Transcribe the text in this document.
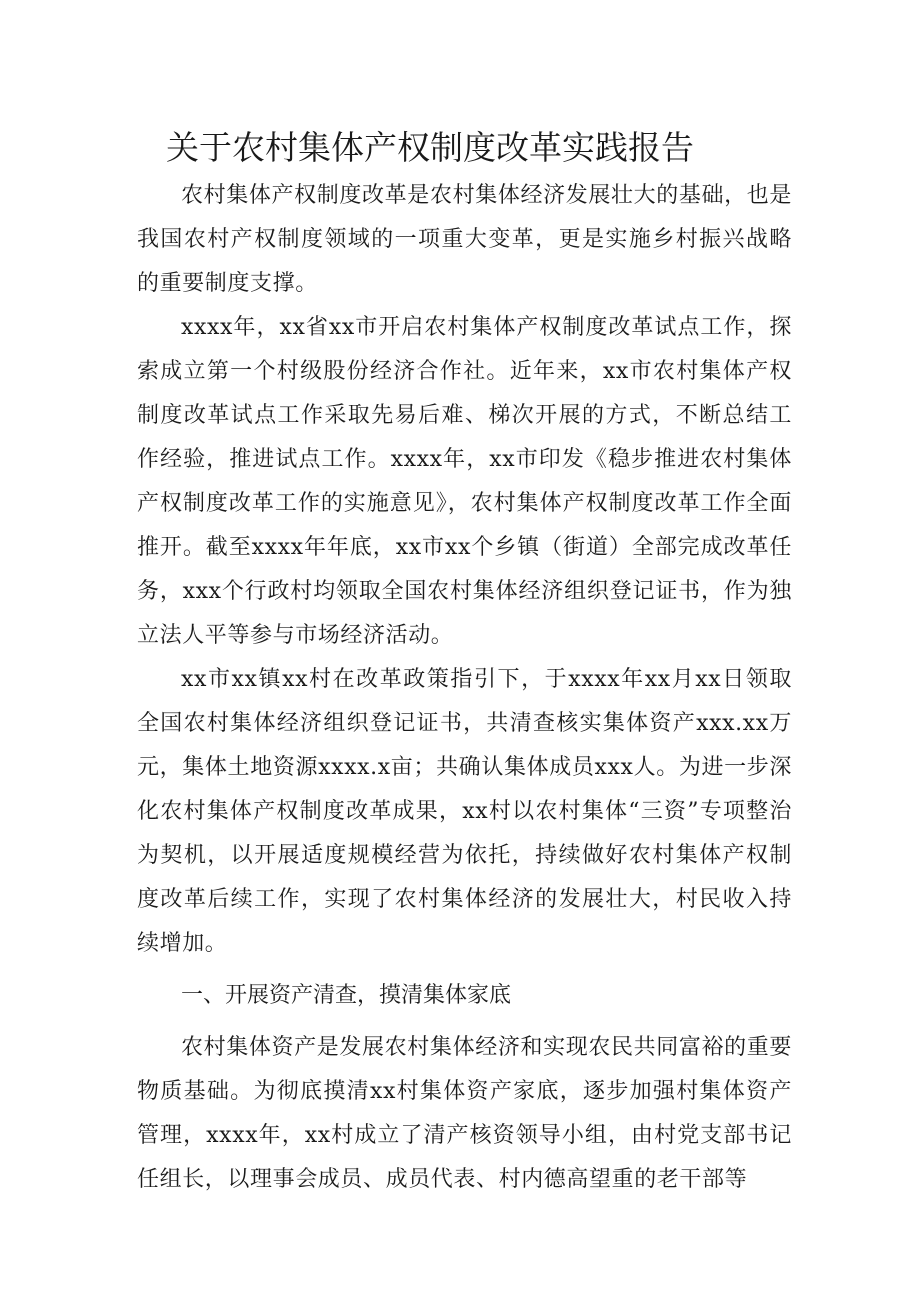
关于农村集体产权制度改革实践报告

农村集体产权制度改革是农村集体经济发展壮大的基础，也是我国农村产权制度领域的一项重大变革，更是实施乡村振兴战略的重要制度支撑。

xxxx年，xx省xx市开启农村集体产权制度改革试点工作，探索成立第一个村级股份经济合作社。近年来，xx市农村集体产权制度改革试点工作采取先易后难、梯次开展的方式，不断总结工作经验，推进试点工作。xxxx年，xx市印发《稳步推进农村集体产权制度改革工作的实施意见》，农村集体产权制度改革工作全面推开。截至xxxx年年底，xx市xx个乡镇（街道）全部完成改革任务，xxx个行政村均领取全国农村集体经济组织登记证书，作为独立法人平等参与市场经济活动。

xx市xx镇xx村在改革政策指引下，于xxxx年xx月xx日领取全国农村集体经济组织登记证书，共清查核实集体资产xxx.xx万元，集体土地资源xxxx.x亩；共确认集体成员xxx人。为进一步深化农村集体产权制度改革成果，xx村以农村集体“三资”专项整治为契机，以开展适度规模经营为依托，持续做好农村集体产权制度改革后续工作，实现了农村集体经济的发展壮大，村民收入持续增加。

一、开展资产清查，摸清集体家底

农村集体资产是发展农村集体经济和实现农民共同富裕的重要物质基础。为彻底摸清xx村集体资产家底，逐步加强村集体资产管理，xxxx年，xx村成立了清产核资领导小组，由村党支部书记任组长，以理事会成员、成员代表、村内德高望重的老干部等
